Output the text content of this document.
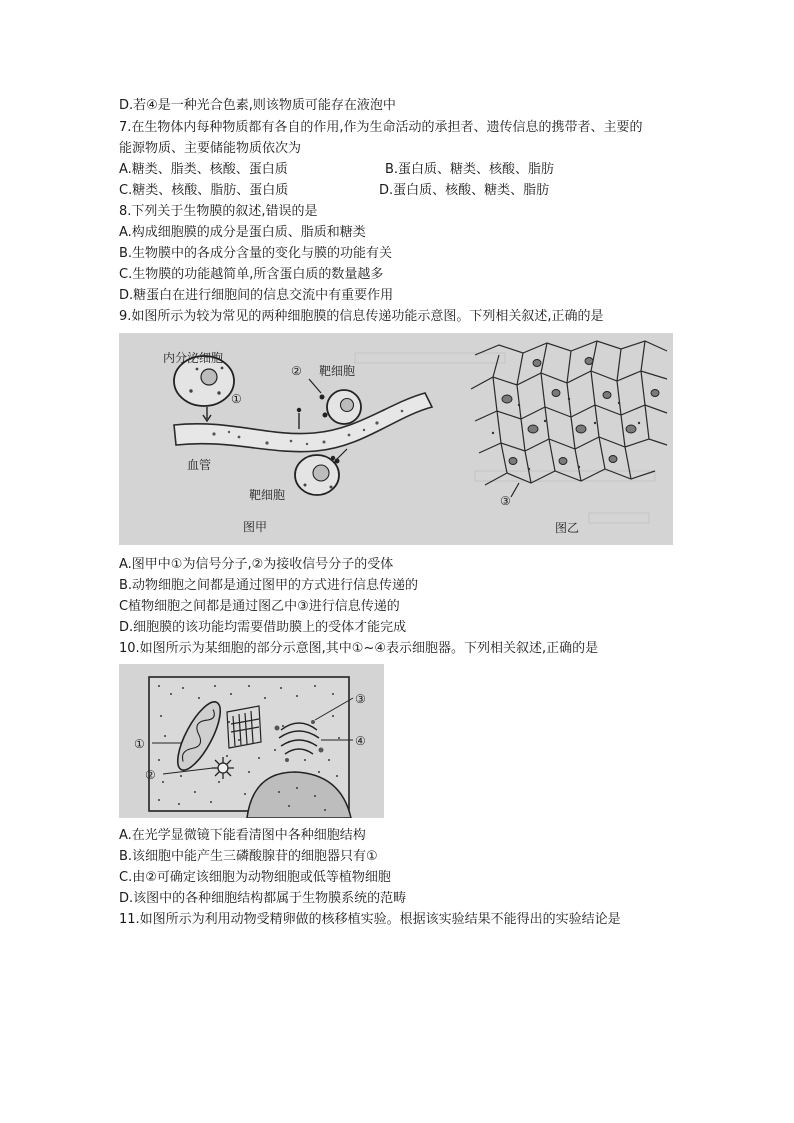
D.若④是一种光合色素,则该物质可能存在液泡中
7.在生物体内每种物质都有各自的作用,作为生命活动的承担者、遗传信息的携带者、主要的
能源物质、主要储能物质依次为
A.糖类、脂类、核酸、蛋白质	B.蛋白质、糖类、核酸、脂肪
C.糖类、核酸、脂肪、蛋白质	D.蛋白质、核酸、糖类、脂肪
8.下列关于生物膜的叙述,错误的是
A.构成细胞膜的成分是蛋白质、脂质和糖类
B.生物膜中的各成分含量的变化与膜的功能有关
C.生物膜的功能越简单,所含蛋白质的数量越多
D.糖蛋白在进行细胞间的信息交流中有重要作用
9.如图所示为较为常见的两种细胞膜的信息传递功能示意图。下列相关叙述,正确的是
内分泌细胞
①
② 靶细胞
血管
靶细胞
图甲
③
图乙
A.图甲中①为信号分子,②为接收信号分子的受体
B.动物细胞之间都是通过图甲的方式进行信息传递的
C植物细胞之间都是通过图乙中③进行信息传递的
D.细胞膜的该功能均需要借助膜上的受体才能完成
10.如图所示为某细胞的部分示意图,其中①~④表示细胞器。下列相关叙述,正确的是
①
②
③
④
A.在光学显微镜下能看清图中各种细胞结构
B.该细胞中能产生三磷酸腺苷的细胞器只有①
C.由②可确定该细胞为动物细胞或低等植物细胞
D.该图中的各种细胞结构都属于生物膜系统的范畴
11.如图所示为利用动物受精卵做的核移植实验。根据该实验结果不能得出的实验结论是
